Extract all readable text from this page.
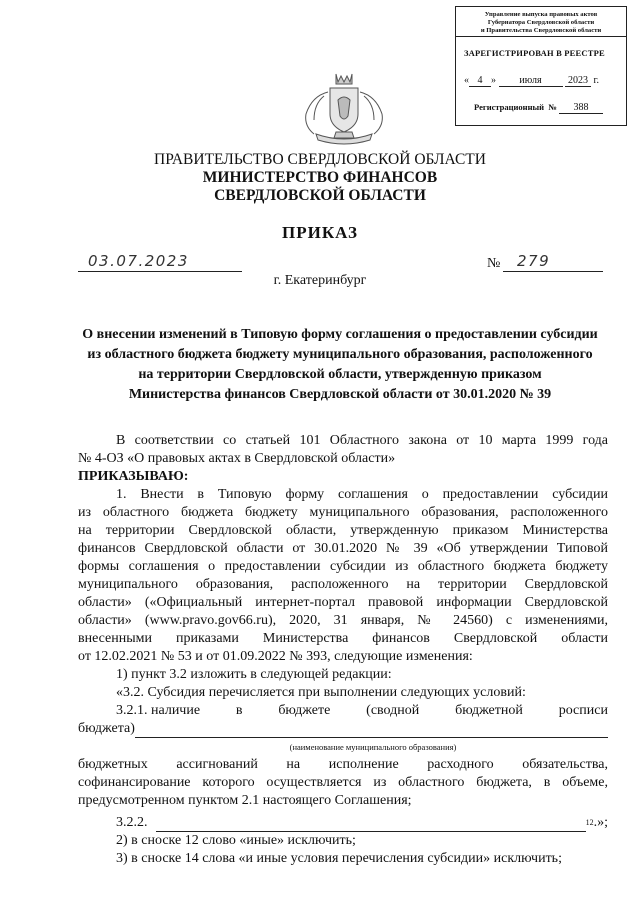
Управление выпуска правовых актов
Губернатора Свердловской области
и Правительства Свердловской области
ЗАРЕГИСТРИРОВАН В РЕЕСТРЕ
« 4 » июля	2023 г.
Регистрационный № 388
ПРАВИТЕЛЬСТВО СВЕРДЛОВСКОЙ ОБЛАСТИ
МИНИСТЕРСТВО ФИНАНСОВ
СВЕРДЛОВСКОЙ ОБЛАСТИ
ПРИКАЗ
03.07.2023	№ 279
г. Екатеринбург
О внесении изменений в Типовую форму соглашения о предоставлении субсидии
из областного бюджета бюджету муниципального образования, расположенного
на территории Свердловской области, утвержденную приказом
Министерства финансов Свердловской области от 30.01.2020 № 39
В соответствии со статьей 101 Областного закона от 10 марта 1999 года
№ 4-ОЗ «О правовых актах в Свердловской области»
ПРИКАЗЫВАЮ:
1. Внести в Типовую форму соглашения о предоставлении субсидии
из областного бюджета бюджету муниципального образования, расположенного
на территории Свердловской области, утвержденную приказом Министерства
финансов Свердловской области от 30.01.2020 № 39 «Об утверждении Типовой
формы соглашения о предоставлении субсидии из областного бюджета бюджету
муниципального образования, расположенного на территории Свердловской
области» («Официальный интернет-портал правовой информации Свердловской
области» (www.pravo.gov66.ru), 2020, 31 января, № 24560) с изменениями,
внесенными приказами Министерства финансов Свердловской области
от 12.02.2021 № 53 и от 01.09.2022 № 393, следующие изменения:
1) пункт 3.2 изложить в следующей редакции:
«3.2. Субсидия перечисляется при выполнении следующих условий:
3.2.1. наличие	в	бюджете	(сводной	бюджетной	росписи
бюджета)
(наименование муниципального образования)
бюджетных ассигнований на исполнение расходного обязательства,
софинансирование которого осуществляется из областного бюджета, в объеме,
предусмотренном пунктом 2.1 настоящего Соглашения;
3.2.2.	12 .»;
2) в сноске 12 слово «иные» исключить;
3) в сноске 14 слова «и иные условия перечисления субсидии» исключить;
